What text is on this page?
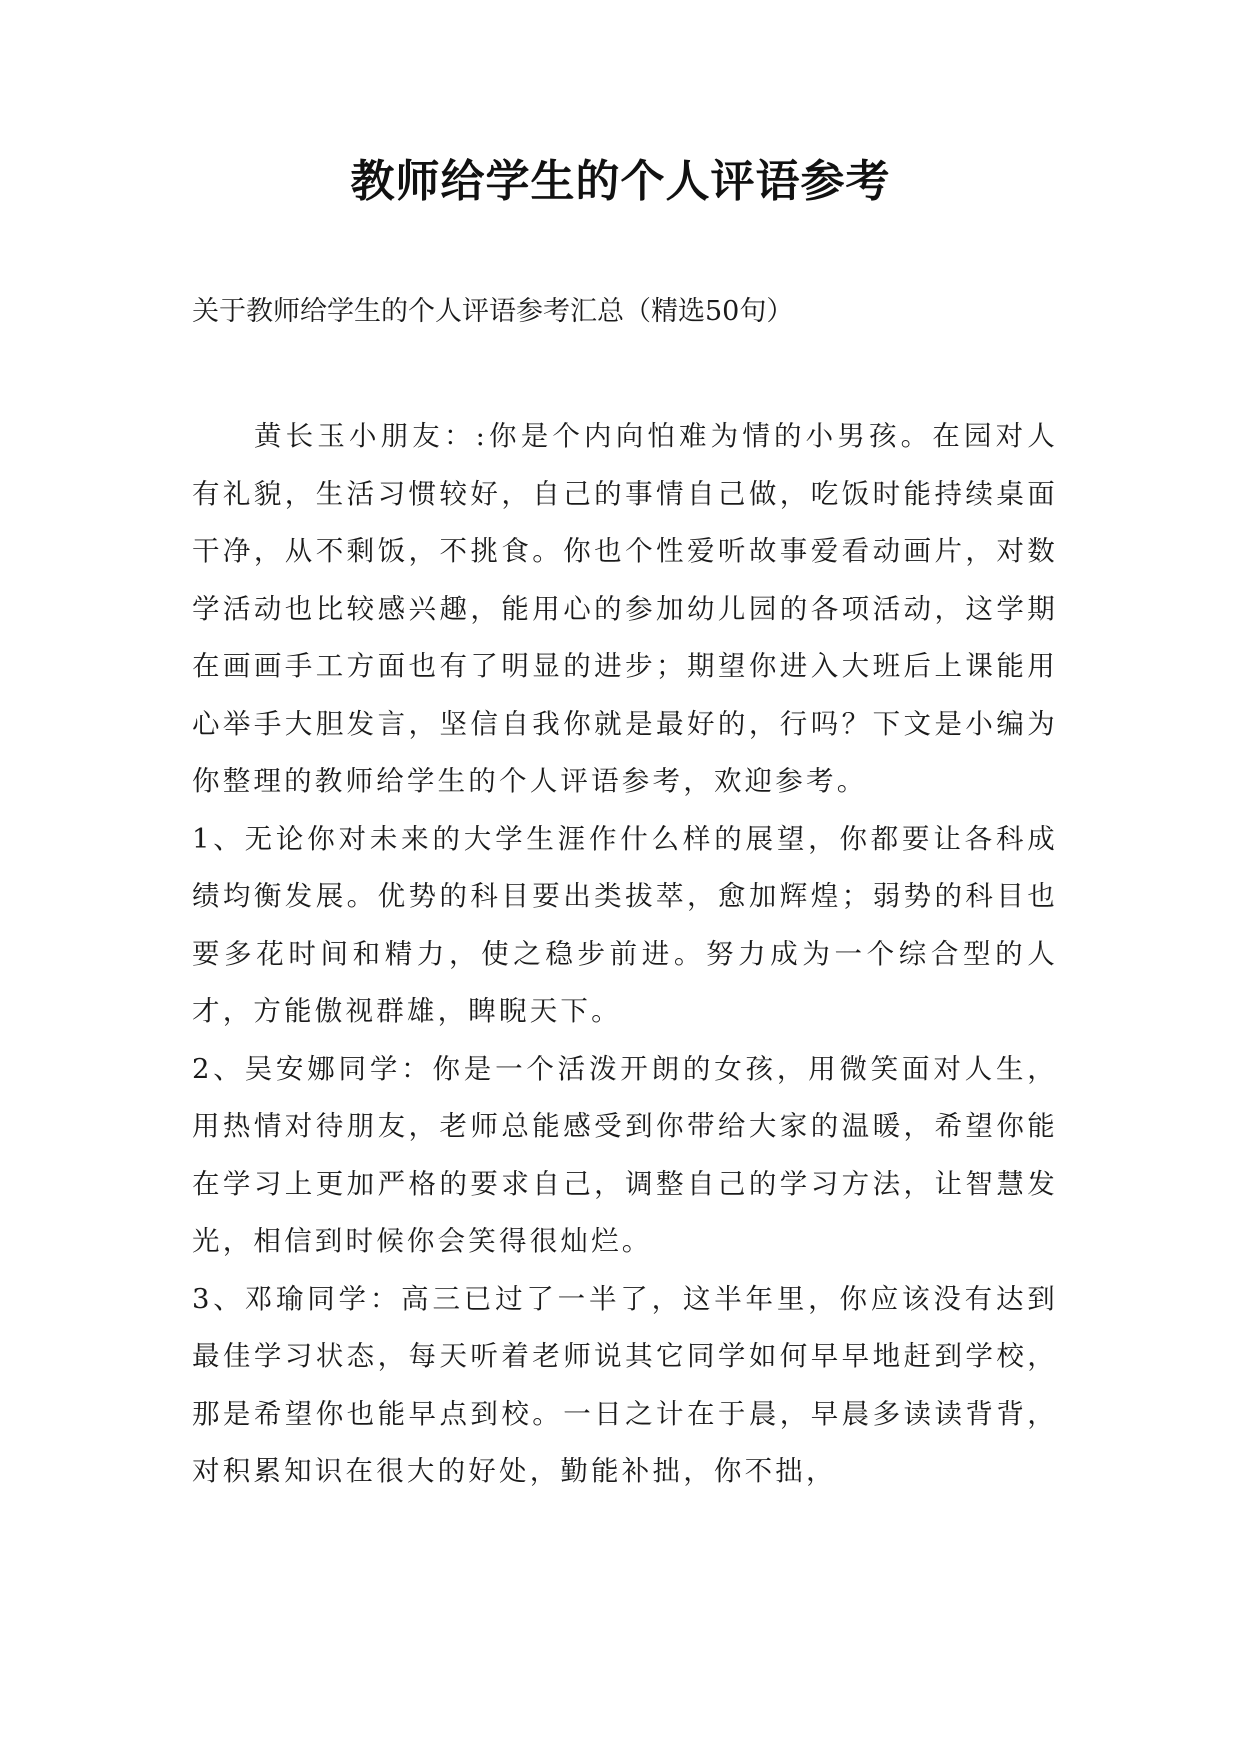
教师给学生的个人评语参考

关于教师给学生的个人评语参考汇总（精选50句）

黄长玉小朋友：:你是个内向怕难为情的小男孩。在园对人有礼貌，生活习惯较好，自己的事情自己做，吃饭时能持续桌面干净，从不剩饭，不挑食。你也个性爱听故事爱看动画片，对数学活动也比较感兴趣，能用心的参加幼儿园的各项活动，这学期在画画手工方面也有了明显的进步；期望你进入大班后上课能用心举手大胆发言，坚信自我你就是最好的，行吗？下文是小编为你整理的教师给学生的个人评语参考，欢迎参考。

1、无论你对未来的大学生涯作什么样的展望，你都要让各科成绩均衡发展。优势的科目要出类拔萃，愈加辉煌；弱势的科目也要多花时间和精力，使之稳步前进。努力成为一个综合型的人才，方能傲视群雄，睥睨天下。

2、吴安娜同学：你是一个活泼开朗的女孩，用微笑面对人生，用热情对待朋友，老师总能感受到你带给大家的温暖，希望你能在学习上更加严格的要求自己，调整自己的学习方法，让智慧发光，相信到时候你会笑得很灿烂。

3、邓瑜同学：高三已过了一半了，这半年里，你应该没有达到最佳学习状态，每天听着老师说其它同学如何早早地赶到学校，那是希望你也能早点到校。一日之计在于晨，早晨多读读背背，对积累知识在很大的好处，勤能补拙，你不拙，
